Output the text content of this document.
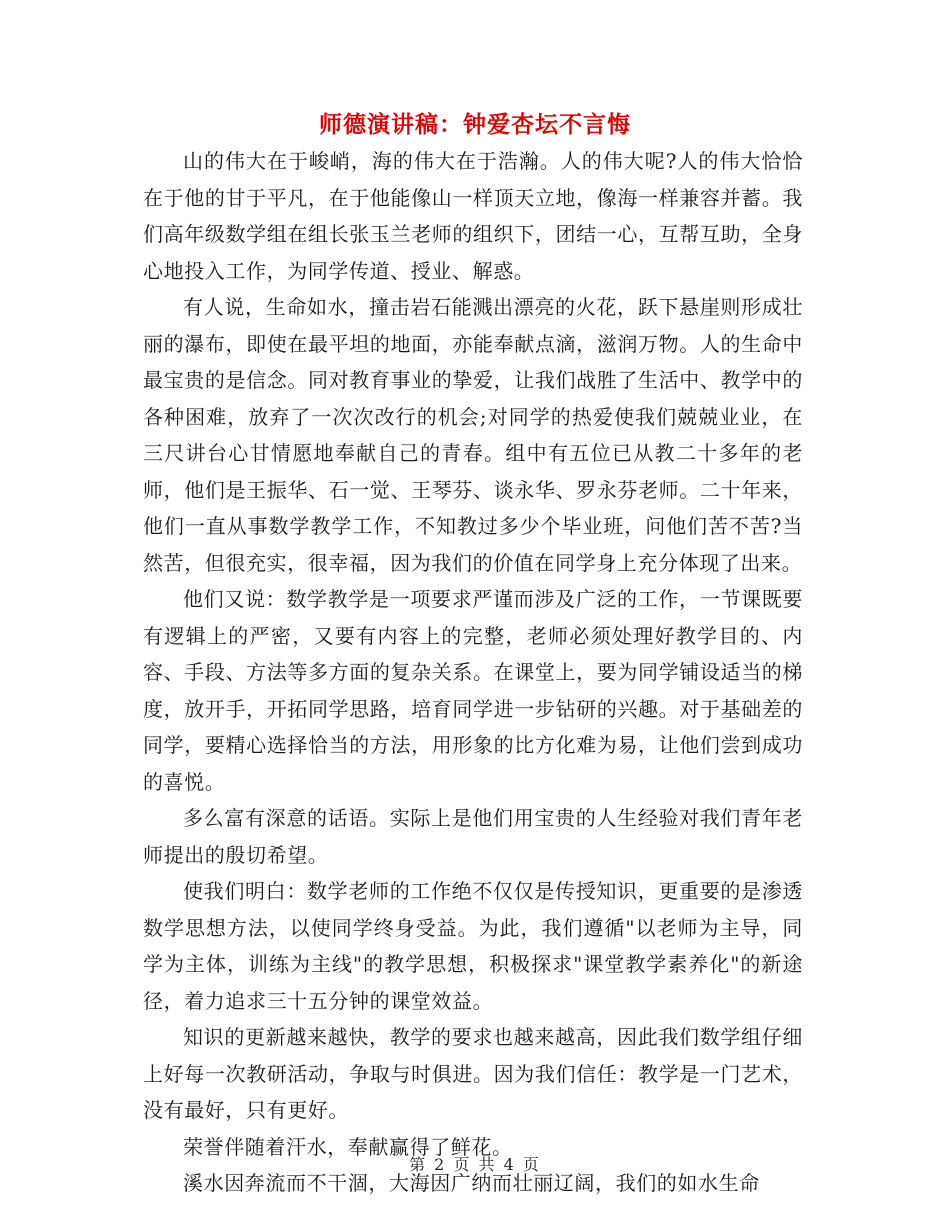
师德演讲稿：钟爱杏坛不言悔

山的伟大在于峻峭，海的伟大在于浩瀚。人的伟大呢?人的伟大恰恰在于他的甘于平凡，在于他能像山一样顶天立地，像海一样兼容并蓄。我们高年级数学组在组长张玉兰老师的组织下，团结一心，互帮互助，全身心地投入工作，为同学传道、授业、解惑。

有人说，生命如水，撞击岩石能溅出漂亮的火花，跃下悬崖则形成壮丽的瀑布，即使在最平坦的地面，亦能奉献点滴，滋润万物。人的生命中最宝贵的是信念。同对教育事业的挚爱，让我们战胜了生活中、教学中的各种困难，放弃了一次次改行的机会;对同学的热爱使我们兢兢业业，在三尺讲台心甘情愿地奉献自己的青春。组中有五位已从教二十多年的老师，他们是王振华、石一觉、王琴芬、谈永华、罗永芬老师。二十年来，他们一直从事数学教学工作，不知教过多少个毕业班，问他们苦不苦?当然苦，但很充实，很幸福，因为我们的价值在同学身上充分体现了出来。

他们又说：数学教学是一项要求严谨而涉及广泛的工作，一节课既要有逻辑上的严密，又要有内容上的完整，老师必须处理好教学目的、内容、手段、方法等多方面的复杂关系。在课堂上，要为同学铺设适当的梯度，放开手，开拓同学思路，培育同学进一步钻研的兴趣。对于基础差的同学，要精心选择恰当的方法，用形象的比方化难为易，让他们尝到成功的喜悦。

多么富有深意的话语。实际上是他们用宝贵的人生经验对我们青年老师提出的殷切希望。

使我们明白：数学老师的工作绝不仅仅是传授知识，更重要的是渗透数学思想方法，以使同学终身受益。为此，我们遵循"以老师为主导，同学为主体，训练为主线"的教学思想，积极探求"课堂教学素养化"的新途径，着力追求三十五分钟的课堂效益。

知识的更新越来越快，教学的要求也越来越高，因此我们数学组仔细上好每一次教研活动，争取与时俱进。因为我们信任：教学是一门艺术，没有最好，只有更好。

荣誉伴随着汗水，奉献赢得了鲜花。

溪水因奔流而不干涸，大海因广纳而壮丽辽阔，我们的如水生命

第 2 页 共 4 页
